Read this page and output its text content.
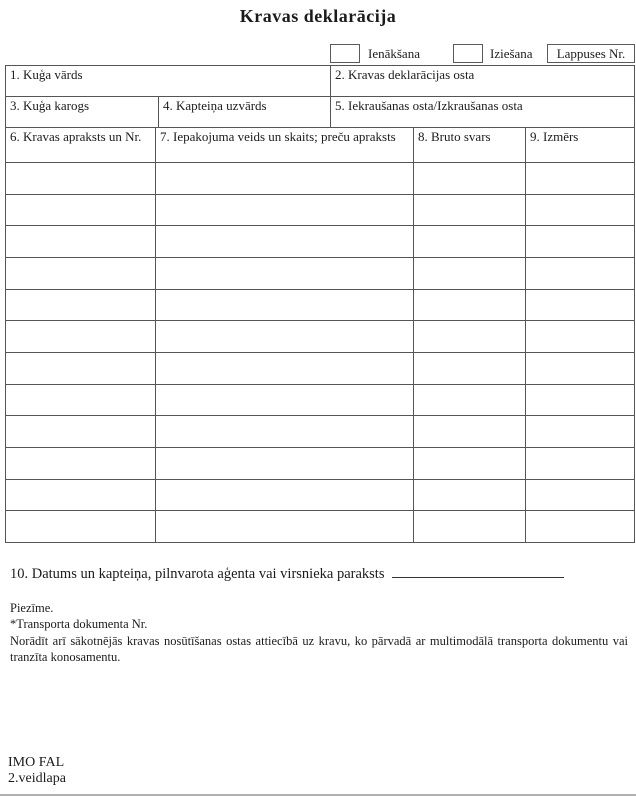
Kravas deklarācija
Ienākšana	Iziešana	Lappuses Nr.
1. Kuģa vārds	2. Kravas deklarācijas osta
3. Kuģa karogs	4. Kapteiņa uzvārds	5. Iekraušanas osta/Izkraušanas osta
6. Kravas apraksts un Nr.	7. Iepakojuma veids un skaits; preču apraksts	8. Bruto svars	9. Izmērs
10. Datums un kapteiņa, pilnvarota aģenta vai virsnieka paraksts

Piezīme.

*Transporta dokumenta Nr.

Norādīt arī sākotnējās kravas nosūtīšanas ostas attiecībā uz kravu, ko pārvadā ar multimodālā transporta dokumentu vai tranzīta konosamentu.

IMO FAL
2.veidlapa
